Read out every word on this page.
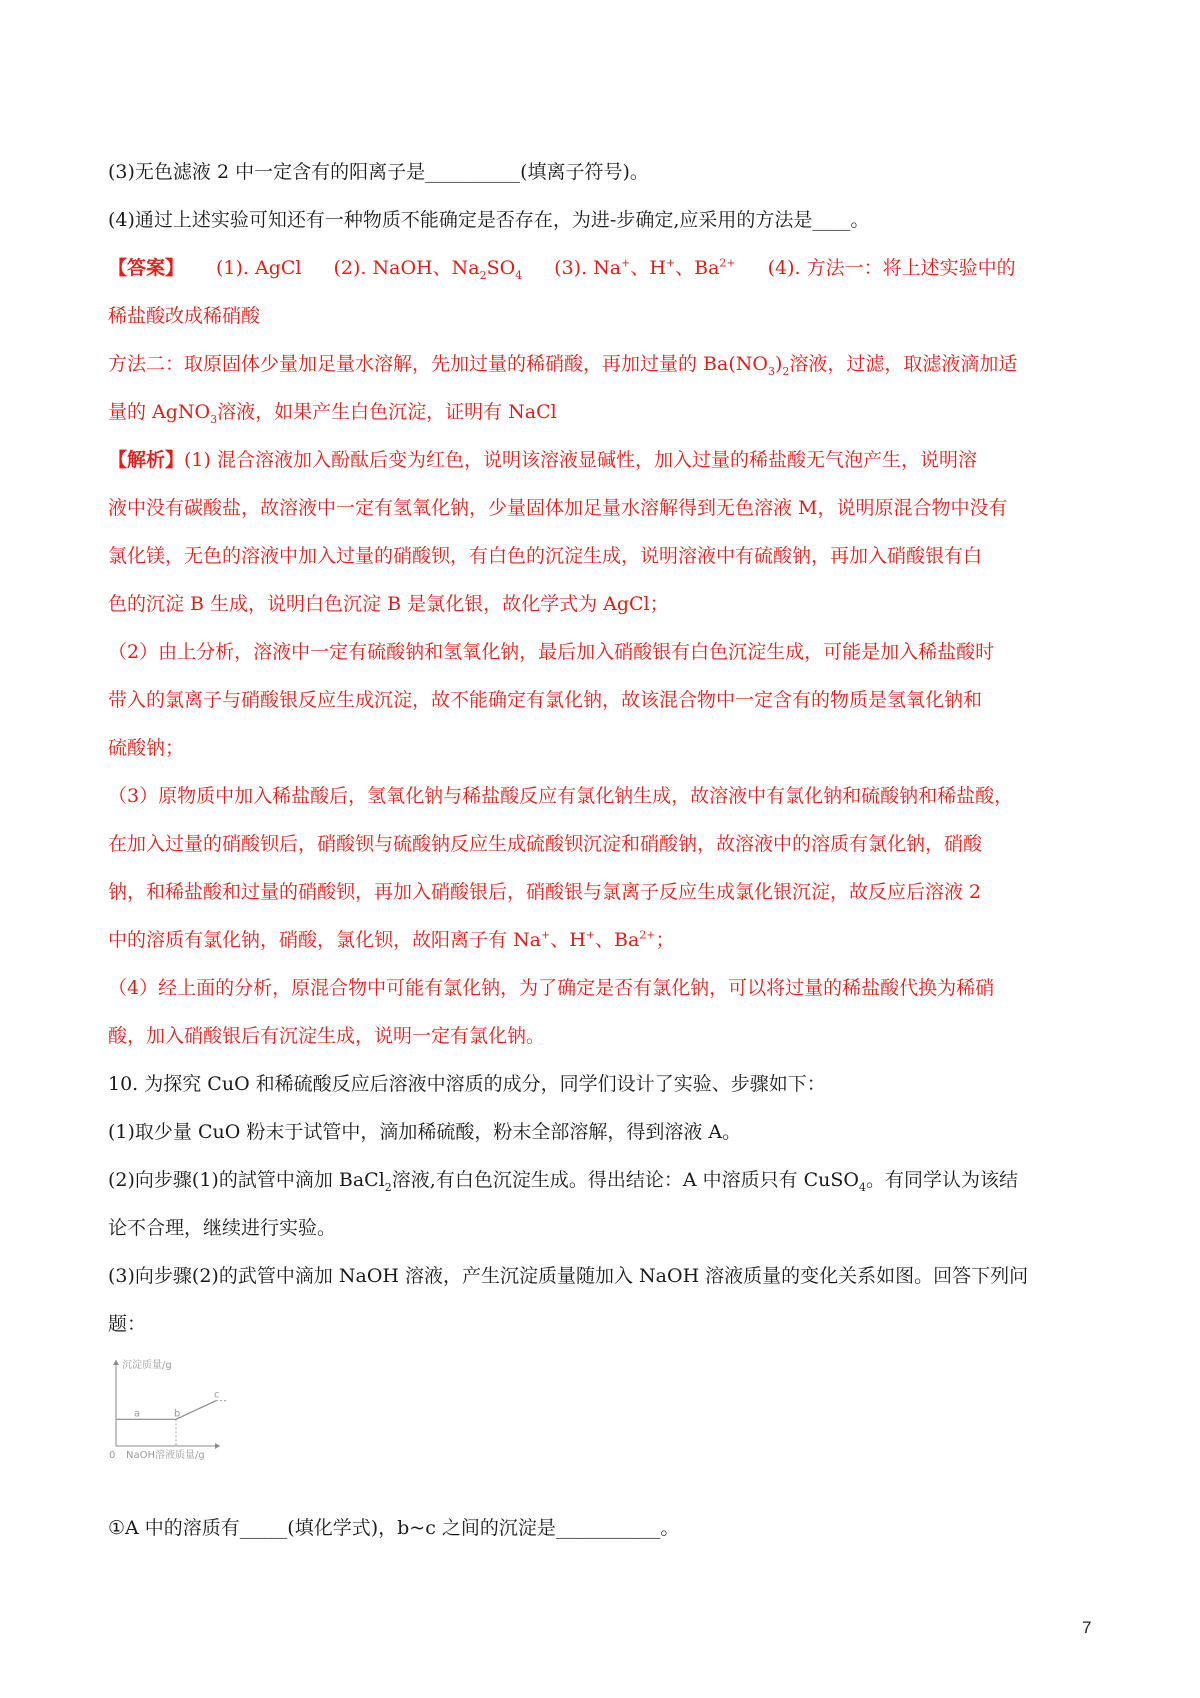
(3)无色滤液 2 中一定含有的阳离子是__________(填离子符号)。
(4)通过上述实验可知还有一种物质不能确定是否存在，为进-步确定,应采用的方法是____。
【答案】 (1). AgCl (2). NaOH、$Na_2SO_4$ (3). Na+、H+、$Ba^{2+}$ (4). 方法一：将上述实验中的
稀盐酸改成稀硝酸
方法二：取原固体少量加足量水溶解，先加过量的稀硝酸，再加过量的 $Ba(NO_3)_2$溶液，过滤，取滤液滴加适
量的 AgNO$_3$溶液，如果产生白色沉淀，证明有 NaCl
【解析】(1) 混合溶液加入酚酞后变为红色，说明该溶液显碱性，加入过量的稀盐酸无气泡产生，说明溶
液中没有碳酸盐，故溶液中一定有氢氧化钠，少量固体加足量水溶解得到无色溶液 M，说明原混合物中没有
氯化镁，无色的溶液中加入过量的硝酸钡，有白色的沉淀生成，说明溶液中有硫酸钠，再加入硝酸银有白
色的沉淀 B 生成，说明白色沉淀 B 是氯化银，故化学式为 AgCl；
（2）由上分析，溶液中一定有硫酸钠和氢氧化钠，最后加入硝酸银有白色沉淀生成，可能是加入稀盐酸时
带入的氯离子与硝酸银反应生成沉淀，故不能确定有氯化钠，故该混合物中一定含有的物质是氢氧化钠和
硫酸钠；
（3）原物质中加入稀盐酸后，氢氧化钠与稀盐酸反应有氯化钠生成，故溶液中有氯化钠和硫酸钠和稀盐酸，
在加入过量的硝酸钡后，硝酸钡与硫酸钠反应生成硫酸钡沉淀和硝酸钠，故溶液中的溶质有氯化钠，硝酸
钠，和稀盐酸和过量的硝酸钡，再加入硝酸银后，硝酸银与氯离子反应生成氯化银沉淀，故反应后溶液 2
中的溶质有氯化钠，硝酸，氯化钡，故阳离子有 Na+、H+、$Ba^{2+}$；
（4）经上面的分析，原混合物中可能有氯化钠，为了确定是否有氯化钠，可以将过量的稀盐酸代换为稀硝
酸，加入硝酸银后有沉淀生成，说明一定有氯化钠。
10. 为探究 CuO 和稀硫酸反应后溶液中溶质的成分，同学们设计了实验、步骤如下：
(1)取少量 CuO 粉末于试管中，滴加稀硫酸，粉末全部溶解，得到溶液 A。
(2)向步骤(1)的試管中滴加 BaCl$_2$溶液,有白色沉淀生成。得出结论：A 中溶质只有 CuSO$_4$。有同学认为该结
论不合理，继续进行实验。
(3)向步骤(2)的武管中滴加 NaOH 溶液，产生沉淀质量随加入 NaOH 溶液质量的变化关系如图。回答下列问
题：
沉淀质量/g
NaOH溶液质量/g
0
a	b
c
①A 中的溶质有_____(填化学式)，b~c 之间的沉淀是___________。
7
